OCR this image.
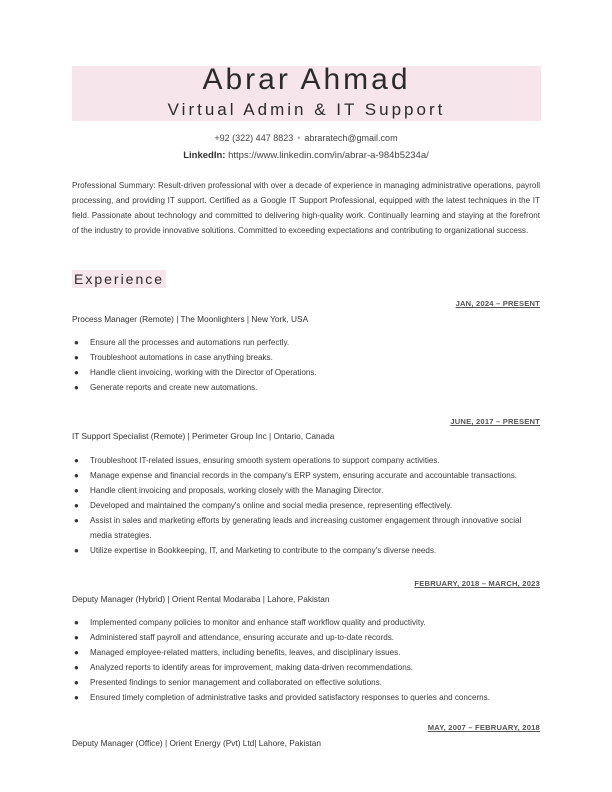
Abrar Ahmad
Virtual Admin & IT Support
+92 (322) 447 8823 • abraratech@gmail.com
LinkedIn: https://www.linkedin.com/in/abrar-a-984b5234a/
Professional Summary: Result-driven professional with over a decade of experience in managing administrative operations, payroll processing, and providing IT support. Certified as a Google IT Support Professional, equipped with the latest techniques in the IT field. Passionate about technology and committed to delivering high-quality work. Continually learning and staying at the forefront of the industry to provide innovative solutions. Committed to exceeding expectations and contributing to organizational success.
Experience
JAN, 2024 – PRESENT
Process Manager (Remote) | The Moonlighters | New York, USA
● Ensure all the processes and automations run perfectly.
● Troubleshoot automations in case anything breaks.
● Handle client invoicing, working with the Director of Operations.
● Generate reports and create new automations.
JUNE, 2017 – PRESENT
IT Support Specialist (Remote) | Perimeter Group Inc | Ontario, Canada
● Troubleshoot IT-related issues, ensuring smooth system operations to support company activities.
● Manage expense and financial records in the company's ERP system, ensuring accurate and accountable transactions.
● Handle client invoicing and proposals, working closely with the Managing Director.
● Developed and maintained the company's online and social media presence, representing effectively.
● Assist in sales and marketing efforts by generating leads and increasing customer engagement through innovative social media strategies.
● Utilize expertise in Bookkeeping, IT, and Marketing to contribute to the company's diverse needs.
FEBRUARY, 2018 – MARCH, 2023
Deputy Manager (Hybrid) | Orient Rental Modaraba | Lahore, Pakistan
● Implemented company policies to monitor and enhance staff workflow quality and productivity.
● Administered staff payroll and attendance, ensuring accurate and up-to-date records.
● Managed employee-related matters, including benefits, leaves, and disciplinary issues.
● Analyzed reports to identify areas for improvement, making data-driven recommendations.
● Presented findings to senior management and collaborated on effective solutions.
● Ensured timely completion of administrative tasks and provided satisfactory responses to queries and concerns.
MAY, 2007 – FEBRUARY, 2018
Deputy Manager (Office) | Orient Energy (Pvt) Ltd| Lahore, Pakistan
